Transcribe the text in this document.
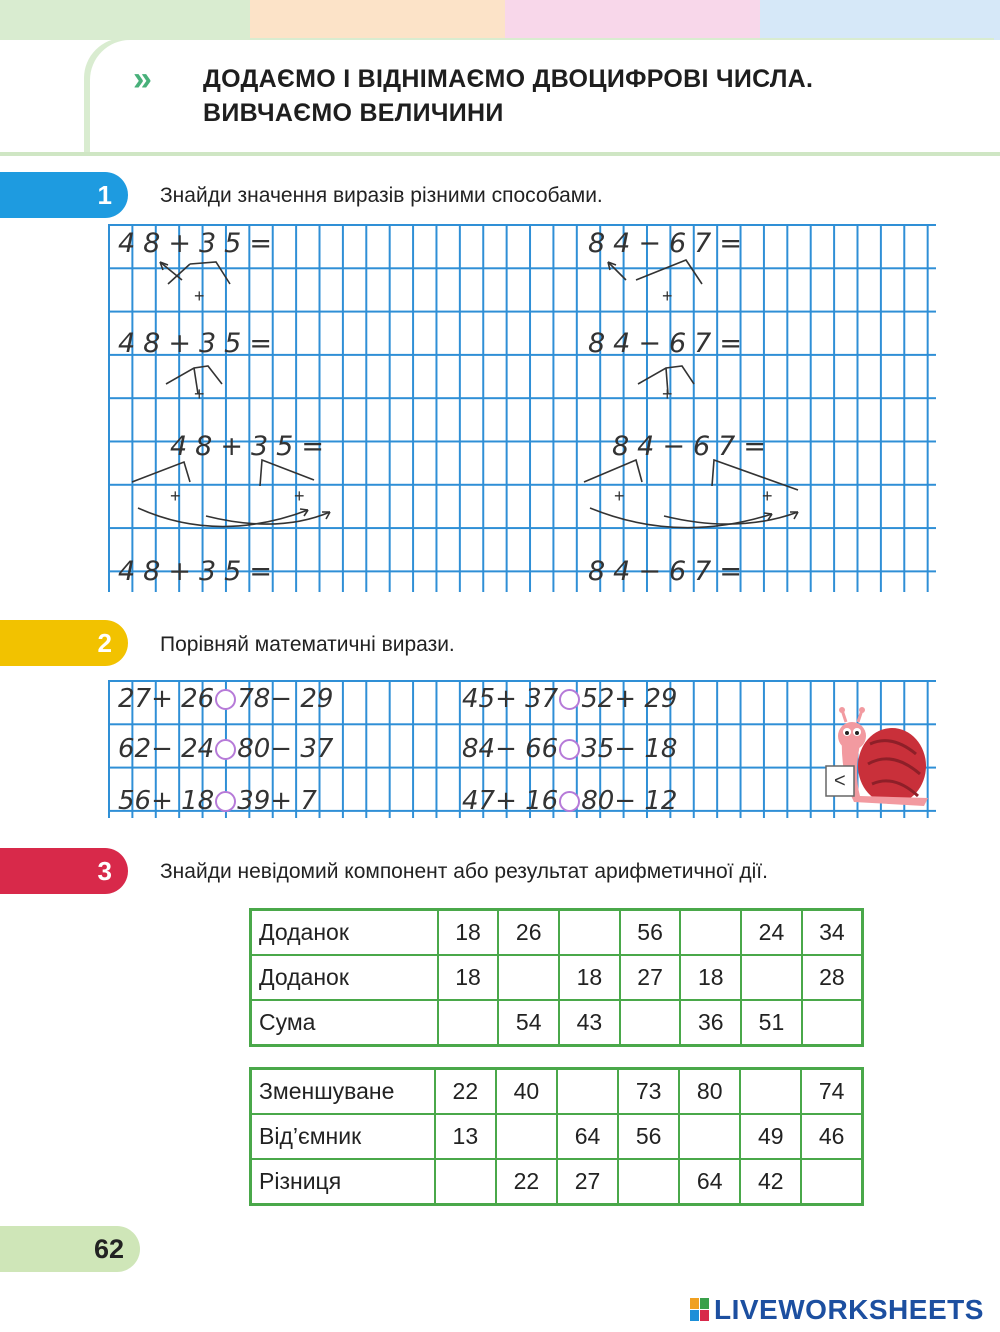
» ДОДАЄМО І ВІДНІМАЄМО ДВОЦИФРОВІ ЧИСЛА.
ВИВЧАЄМО ВЕЛИЧИНИ
1	Знайди значення виразів різними способами.
48+35=
48+35=
48+35=
48+35=
84−67=
84−67=
84−67=
84−67=
+
+
+	+
+
+
+	+
2	Порівняй математичні вирази.
27+ 26 78− 29	45+ 37 52+ 29
62− 24 80− 37	84− 66 35− 18
56+ 18 39+ 7	47+ 16 80− 12
<
3	Знайди невідомий компонент або результат арифметичної дії.
Доданок	18	26		56		24	34
Доданок	18		18	27	18		28
Сума		54	43		36	51	
Зменшуване	22	40		73	80		74
Від’ємник	13		64	56		49	46
Різниця		22	27		64	42	
62
LIVEWORKSHEETS
